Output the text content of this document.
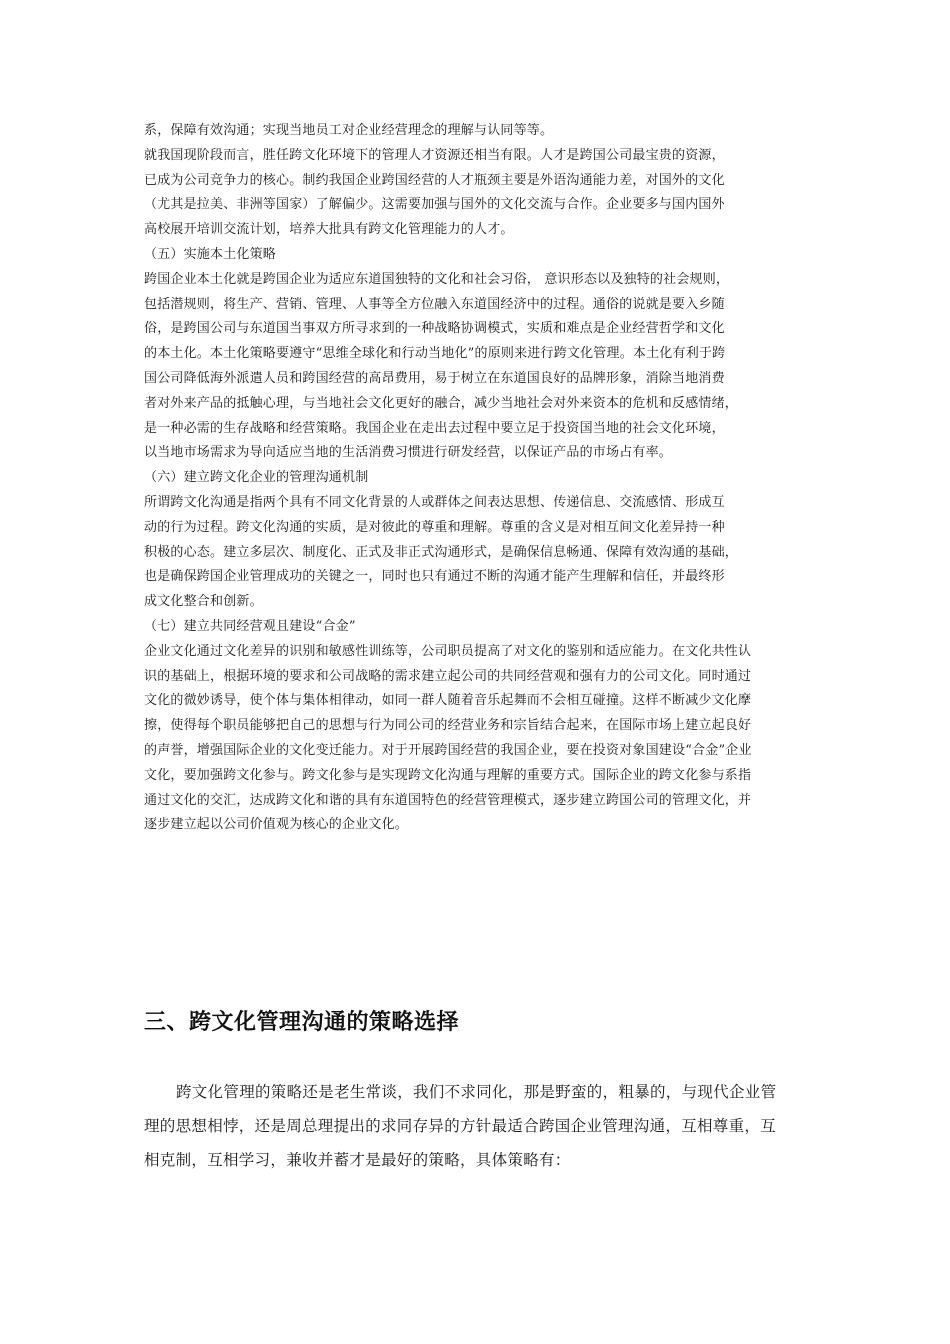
系，保障有效沟通；实现当地员工对企业经营理念的理解与认同等等。
就我国现阶段而言，胜任跨文化环境下的管理人才资源还相当有限。人才是跨国公司最宝贵的资源，
已成为公司竞争力的核心。制约我国企业跨国经营的人才瓶颈主要是外语沟通能力差，对国外的文化
（尤其是拉美、非洲等国家）了解偏少。这需要加强与国外的文化交流与合作。企业要多与国内国外
高校展开培训交流计划，培养大批具有跨文化管理能力的人才。
（五）实施本土化策略
跨国企业本土化就是跨国企业为适应东道国独特的文化和社会习俗， 意识形态以及独特的社会规则，
包括潜规则，将生产、营销、管理、人事等全方位融入东道国经济中的过程。通俗的说就是要入乡随
俗，是跨国公司与东道国当事双方所寻求到的一种战略协调模式，实质和难点是企业经营哲学和文化
的本土化。本土化策略要遵守“思维全球化和行动当地化”的原则来进行跨文化管理。本土化有利于跨
国公司降低海外派遣人员和跨国经营的高昂费用，易于树立在东道国良好的品牌形象，消除当地消费
者对外来产品的抵触心理，与当地社会文化更好的融合，减少当地社会对外来资本的危机和反感情绪，
是一种必需的生存战略和经营策略。我国企业在走出去过程中要立足于投资国当地的社会文化环境，
以当地市场需求为导向适应当地的生活消费习惯进行研发经营，以保证产品的市场占有率。
（六）建立跨文化企业的管理沟通机制
所谓跨文化沟通是指两个具有不同文化背景的人或群体之间表达思想、传递信息、交流感情、形成互
动的行为过程。跨文化沟通的实质，是对彼此的尊重和理解。尊重的含义是对相互间文化差异持一种
积极的心态。建立多层次、制度化、正式及非正式沟通形式，是确保信息畅通、保障有效沟通的基础，
也是确保跨国企业管理成功的关键之一，同时也只有通过不断的沟通才能产生理解和信任，并最终形
成文化整合和创新。
（七）建立共同经营观且建设“合金”
企业文化通过文化差异的识别和敏感性训练等，公司职员提高了对文化的鉴别和适应能力。在文化共性认
识的基础上，根据环境的要求和公司战略的需求建立起公司的共同经营观和强有力的公司文化。同时通过
文化的微妙诱导，使个体与集体相律动，如同一群人随着音乐起舞而不会相互碰撞。这样不断减少文化摩
擦，使得每个职员能够把自己的思想与行为同公司的经营业务和宗旨结合起来，在国际市场上建立起良好
的声誉，增强国际企业的文化变迁能力。对于开展跨国经营的我国企业，要在投资对象国建设“合金”企业
文化，要加强跨文化参与。跨文化参与是实现跨文化沟通与理解的重要方式。国际企业的跨文化参与系指
通过文化的交汇，达成跨文化和谐的具有东道国特色的经营管理模式，逐步建立跨国公司的管理文化，并
逐步建立起以公司价值观为核心的企业文化。
三、跨文化管理沟通的策略选择
跨文化管理的策略还是老生常谈，我们不求同化，那是野蛮的，粗暴的，与现代企业管
理的思想相悖，还是周总理提出的求同存异的方针最适合跨国企业管理沟通，互相尊重，互
相克制，互相学习，兼收并蓄才是最好的策略，具体策略有：
